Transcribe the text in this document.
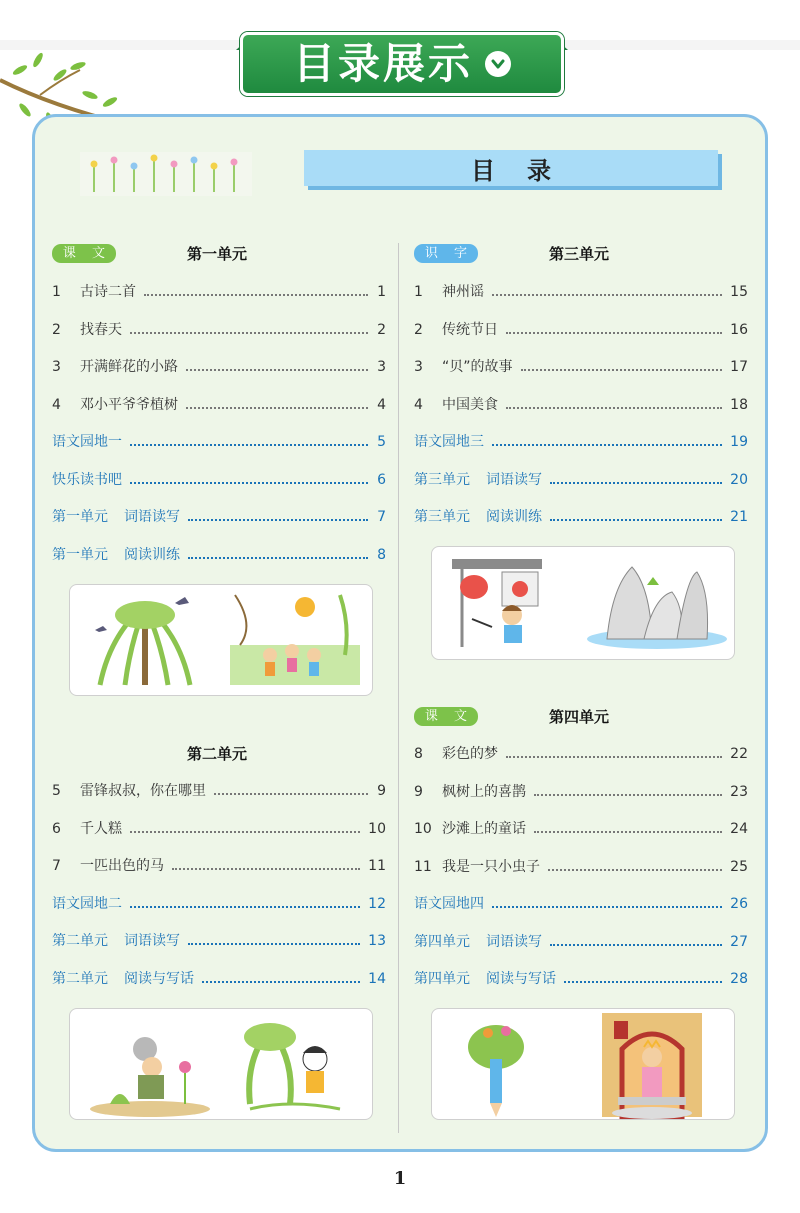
目录展示
目录
课 文	第一单元
1	古诗二首	1
2	找春天	2
3	开满鲜花的小路	3
4	邓小平爷爷植树	4
语文园地一	5
快乐读书吧	6
第一单元 词语读写	7
第一单元 阅读训练	8
第二单元
5	雷锋叔叔，你在哪里	9
6	千人糕	10
7	一匹出色的马	11
语文园地二	12
第二单元 词语读写	13
第二单元 阅读与写话	14
识 字	第三单元
1	神州谣	15
2	传统节日	16
3	“贝”的故事	17
4	中国美食	18
语文园地三	19
第三单元 词语读写	20
第三单元 阅读训练	21
课 文	第四单元
8	彩色的梦	22
9	枫树上的喜鹊	23
10 沙滩上的童话	24
11 我是一只小虫子	25
语文园地四	26
第四单元 词语读写	27
第四单元 阅读与写话	28
1
